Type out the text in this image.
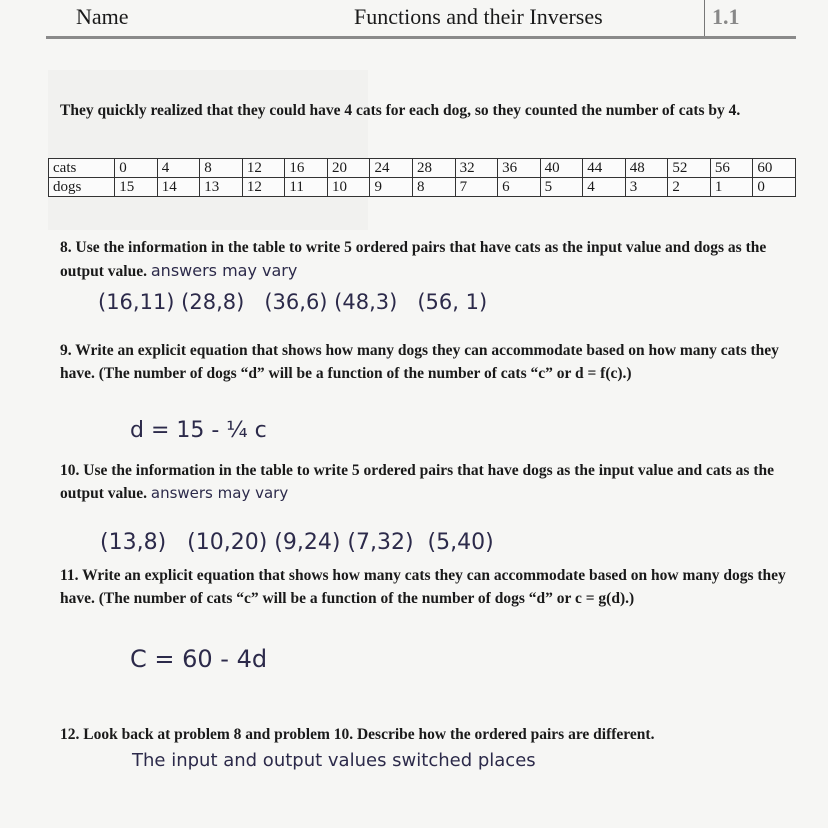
Name	Functions and their Inverses	1.1
They quickly realized that they could have 4 cats for each dog, so they counted the number of cats by 4.
cats	0	4	8	12	16	20	24	28	32	36	40	44	48	52	56	60
dogs	15	14	13	12	11	10	9	8	7	6	5	4	3	2	1	0
8. Use the information in the table to write 5 ordered pairs that have cats as the input value and dogs as the output value. answers may vary
(16,11) (28,8)   (36,6) (48,3)   (56, 1)
9. Write an explicit equation that shows how many dogs they can accommodate based on how many cats they have. (The number of dogs “d” will be a function of the number of cats “c” or d = f(c).)
d = 15 - ¼ c
10. Use the information in the table to write 5 ordered pairs that have dogs as the input value and cats as the output value. answers may vary
(13,8)   (10,20) (9,24) (7,32)  (5,40)
11. Write an explicit equation that shows how many cats they can accommodate based on how many dogs they have. (The number of cats “c” will be a function of the number of dogs “d” or c = g(d).)
C = 60 - 4d
12. Look back at problem 8 and problem 10. Describe how the ordered pairs are different.
The input and output values switched places
